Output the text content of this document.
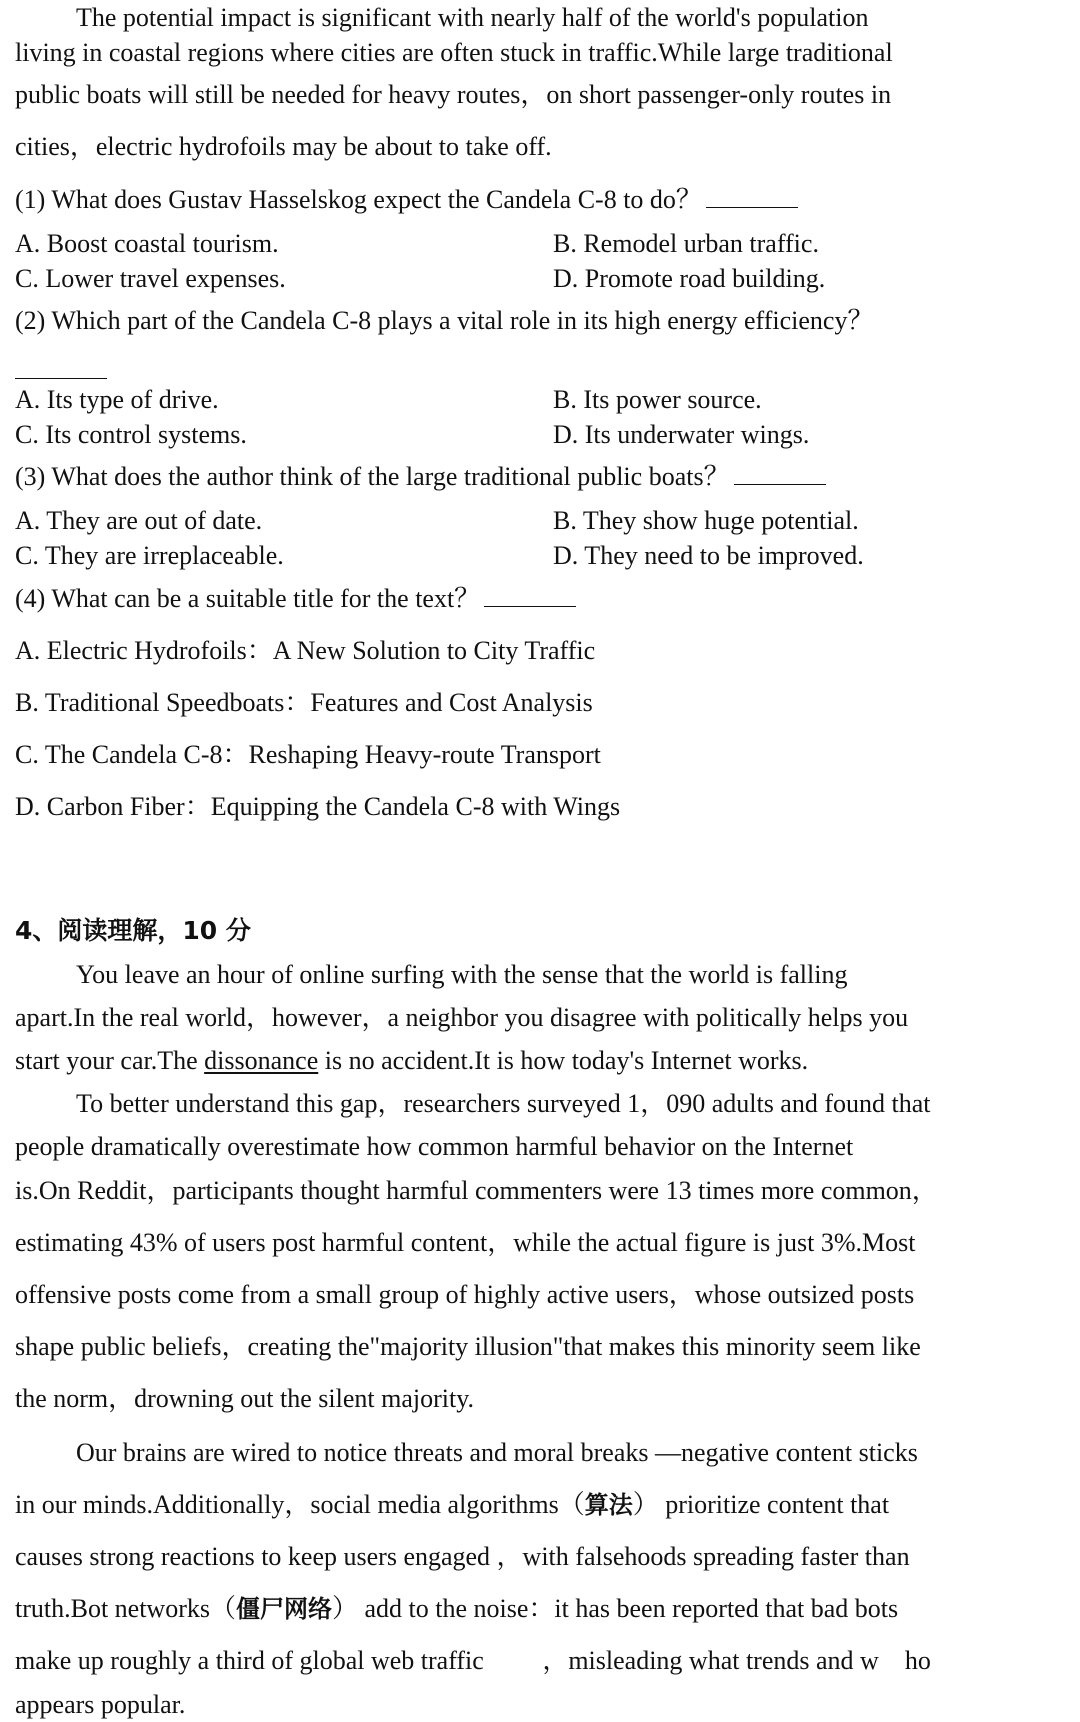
The potential impact is significant with nearly half of the world's population
living in coastal regions where cities are often stuck in traffic.While large traditional
public boats will still be needed for heavy routes，on short passenger-only routes in
cities，electric hydrofoils may be about to take off.
(1) What does Gustav Hasselskog expect the Candela C-8 to do？
A. Boost coastal tourism.	B. Remodel urban traffic.
C. Lower travel expenses.	D. Promote road building.
(2) Which part of the Candela C-8 plays a vital role in its high energy efficiency？
A. Its type of drive.	B. Its power source.
C. Its control systems.	D. Its underwater wings.
(3) What does the author think of the large traditional public boats？
A. They are out of date.	B. They show huge potential.
C. They are irreplaceable.	D. They need to be improved.
(4) What can be a suitable title for the text？
A. Electric Hydrofoils：A New Solution to City Traffic
B. Traditional Speedboats：Features and Cost Analysis
C. The Candela C-8：Reshaping Heavy-route Transport
D. Carbon Fiber：Equipping the Candela C-8 with Wings
4、阅读理解，10 分
You leave an hour of online surfing with the sense that the world is falling
apart.In the real world，however，a neighbor you disagree with politically helps you
start your car.The dissonance is no accident.It is how today's Internet works.
To better understand this gap，researchers surveyed 1，090 adults and found that
people dramatically overestimate how common harmful behavior on the Internet
is.On Reddit，participants thought harmful commenters were 13 times more common，
estimating 43% of users post harmful content，while the actual figure is just 3%.Most
offensive posts come from a small group of highly active users，whose outsized posts
shape public beliefs，creating the"majority illusion"that makes this minority seem like
the norm，drowning out the silent majority.
Our brains are wired to notice threats and moral breaks —negative content sticks
in our minds.Additionally，social media algorithms（算法） prioritize content that
causes strong reactions to keep users engaged ，with falsehoods spreading faster than
truth.Bot networks（僵尸网络） add to the noise：it has been reported that bad bots
make up roughly a third of global web traffic　　 ，misleading what trends and w　ho
appears popular.
